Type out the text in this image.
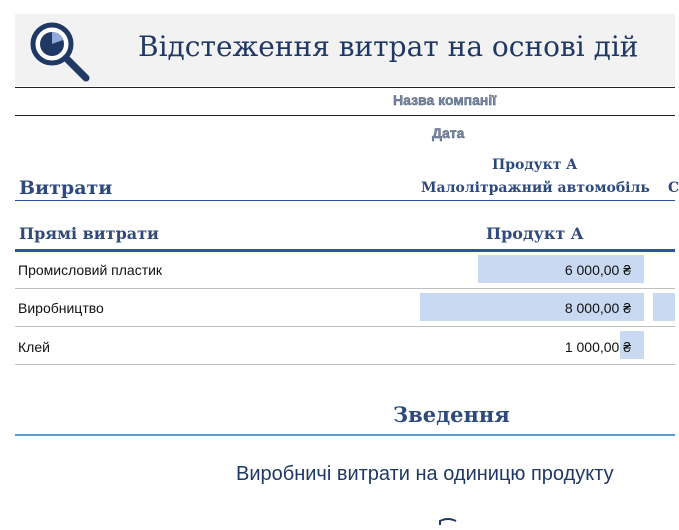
Відстеження витрат на основі дій
Назва компанії
Дата
Продукт A
Малолітражний автомобіль С
Витрати
Прямі витрати	Продукт A
Промисловий пластик	6 000,00 ₴
Виробництво	8 000,00 ₴
Клей	1 000,00 ₴
Зведення
Виробничі витрати на одиницю продукту
